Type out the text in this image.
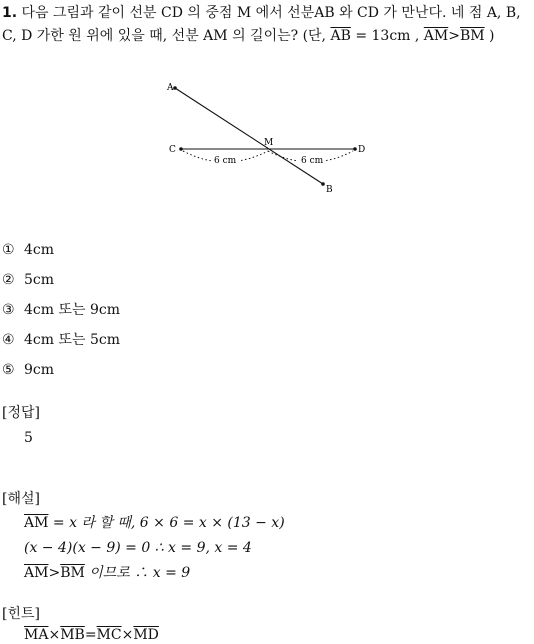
1. 다음 그림과 같이 선분 CD 의 중점 M 에서 선분AB 와 CD 가 만난다. 네 점 A, B, C, D 가한 원 위에 있을 때, 선분 AM 의 길이는? (단, $\overline{AB} = 13cm$ , $\overline{AM}>\overline{BM}$ )
A
B
C	D
M
6 cm	6 cm
① 4cm
② 5cm
③ 4cm 또는 9cm
④ 4cm 또는 5cm
⑤ 9cm
[정답]
5
[해설]
$\overline{AM} = x$ 라 할 때, 6 × 6 = x × (13 − x)
(x − 4)(x − 9) = 0 ∴ x = 9, x = 4
$\overline{AM}>\overline{BM}$ 이므로 ∴ x = 9
[힌트]
$\overline{MA}\times\overline{MB}=\overline{MC}\times\overline{MD}$
